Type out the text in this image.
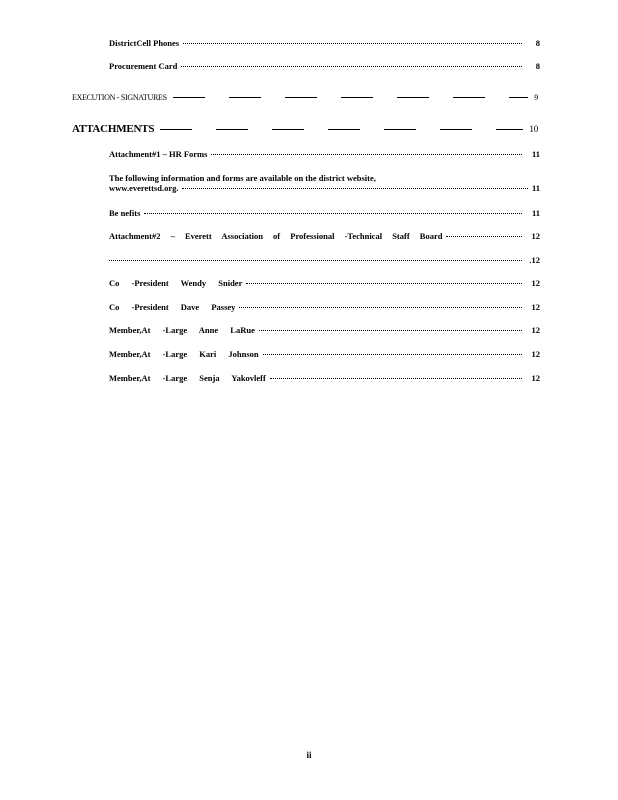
DistrictCell Phones	8
Procurement Card	8
EXECUTION - SIGNATURES	9
ATTACHMENTS	10
Attachment#1 – HR Forms	11
The following information and forms are available on the district website,
www.everettsd.org.	11
Be nefits	11
Attachment#2 – Everett Association of Professional -Technical Staff Board	12
.12
Co -President Wendy Snider	12
Co -President Dave Passey	12
Member,At -Large Anne LaRue	12
Member,At -Large Kari Johnson	12
Member,At -Large Senja Yakovleff	12
ii
